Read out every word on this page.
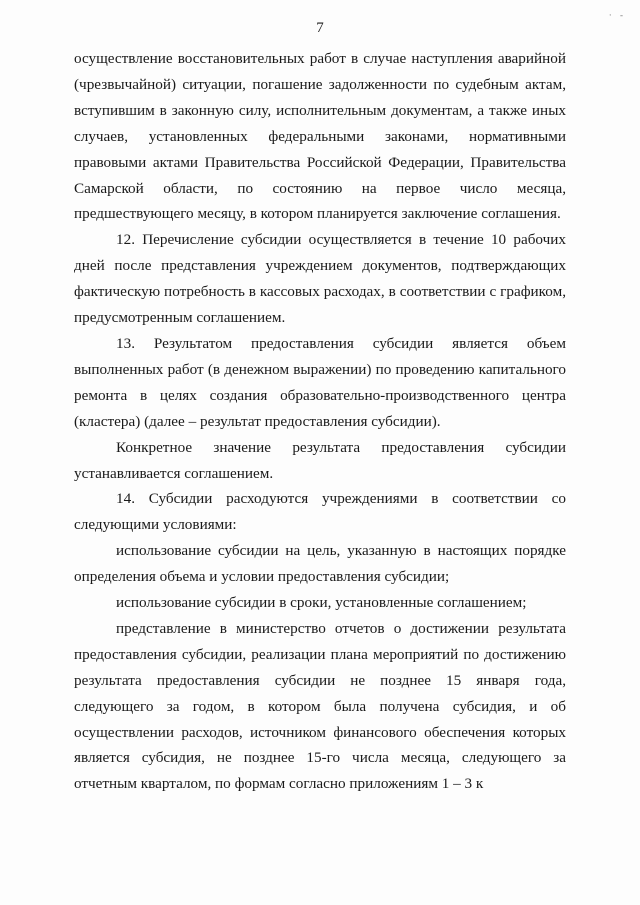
· -
7

осуществление восстановительных работ в случае наступления аварийной (чрезвычайной) ситуации, погашение задолженности по судебным актам, вступившим в законную силу, исполнительным документам, а также иных случаев, установленных федеральными законами, нормативными правовыми актами Правительства Российской Федерации, Правительства Самарской области, по состоянию на первое число месяца, предшествующего месяцу, в котором планируется заключение соглашения.

12. Перечисление субсидии осуществляется в течение 10 рабочих дней после представления учреждением документов, подтверждающих фактическую потребность в кассовых расходах, в соответствии с графиком, предусмотренным соглашением.

13. Результатом предоставления субсидии является объем выполненных работ (в денежном выражении) по проведению капитального ремонта в целях создания образовательно-производственного центра (кластера) (далее – результат предоставления субсидии).

Конкретное значение результата предоставления субсидии устанавливается соглашением.

14. Субсидии расходуются учреждениями в соответствии со следующими условиями:

использование субсидии на цель, указанную в настоящих порядке определения объема и условии предоставления субсидии;

использование субсидии в сроки, установленные соглашением;

представление в министерство отчетов о достижении результата предоставления субсидии, реализации плана мероприятий по достижению результата предоставления субсидии не позднее 15 января года, следующего за годом, в котором была получена субсидия, и об осуществлении расходов, источником финансового обеспечения которых является субсидия, не позднее 15-го числа месяца, следующего за отчетным кварталом, по формам согласно приложениям 1 – 3 к
